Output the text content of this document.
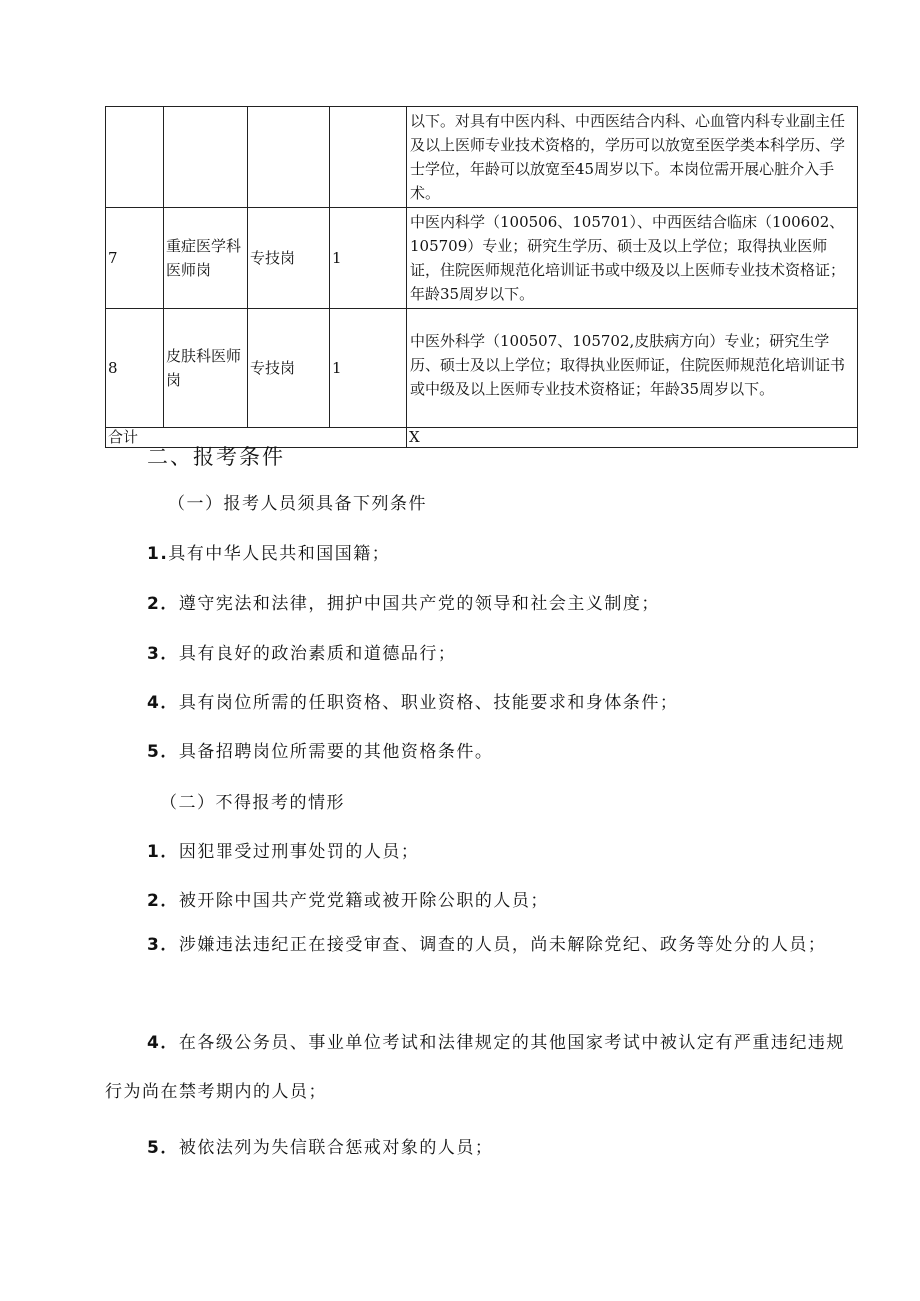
				以下。对具有中医内科、中西医结合内科、心血管内科专业副主任及以上医师专业技术资格的，学历可以放宽至医学类本科学历、学士学位，年龄可以放宽至45周岁以下。本岗位需开展心脏介入手术。
7	重症医学科医师岗	专技岗	1	中医内科学（100506、105701）、中西医结合临床（100602、105709）专业；研究生学历、硕士及以上学位；取得执业医师证，住院医师规范化培训证书或中级及以上医师专业技术资格证；年龄35周岁以下。
8	皮肤科医师岗	专技岗	1	中医外科学（100507、105702,皮肤病方向）专业；研究生学历、硕士及以上学位；取得执业医师证，住院医师规范化培训证书或中级及以上医师专业技术资格证；年龄35周岁以下。
合计				X
二、报考条件
（一）报考人员须具备下列条件
1.具有中华人民共和国国籍；
2．遵守宪法和法律，拥护中国共产党的领导和社会主义制度；
3．具有良好的政治素质和道德品行；
4．具有岗位所需的任职资格、职业资格、技能要求和身体条件；
5．具备招聘岗位所需要的其他资格条件。
（二）不得报考的情形
1．因犯罪受过刑事处罚的人员；
2．被开除中国共产党党籍或被开除公职的人员；
3．涉嫌违法违纪正在接受审查、调查的人员，尚未解除党纪、政务等处分的人员；
4．在各级公务员、事业单位考试和法律规定的其他国家考试中被认定有严重违纪违规行为尚在禁考期内的人员；
5．被依法列为失信联合惩戒对象的人员；
